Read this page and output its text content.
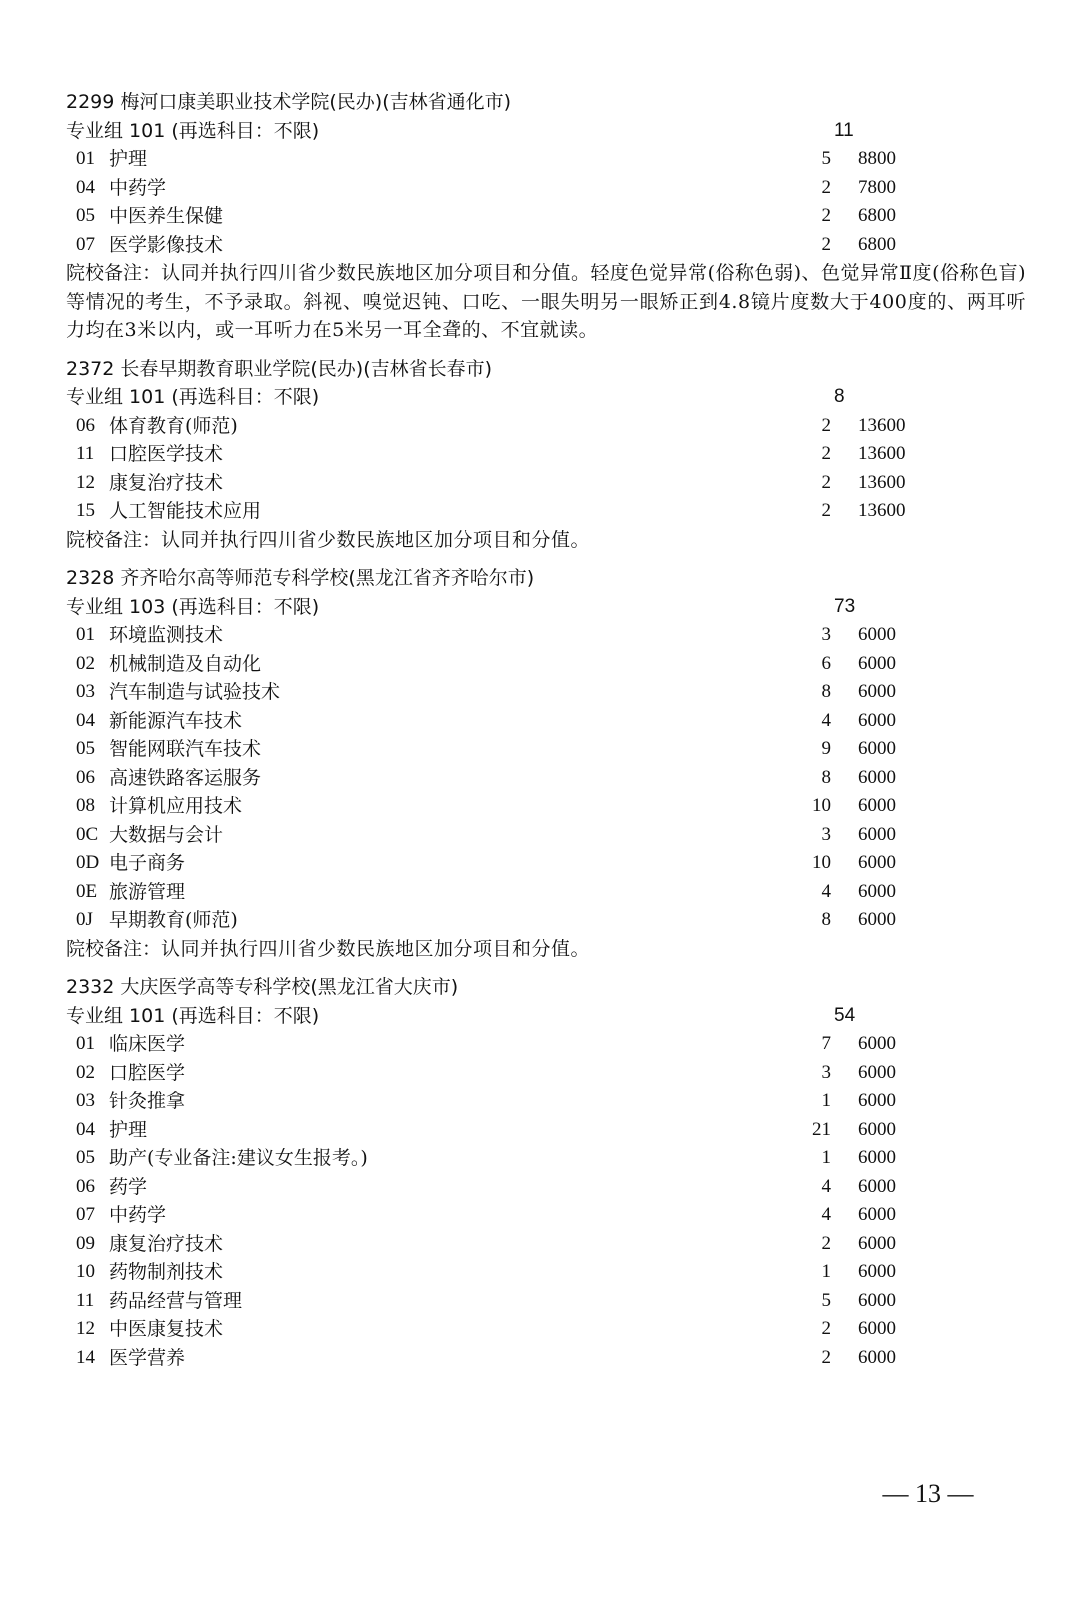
2299 梅河口康美职业技术学院(民办)(吉林省通化市)
专业组 101 (再选科目：不限)	11
01 护理	5 8800
04 中药学	2 7800
05 中医养生保健	2 6800
07 医学影像技术	2 6800
院校备注：认同并执行四川省少数民族地区加分项目和分值。轻度色觉异常(俗称色弱)、色觉异常Ⅱ度(俗称色盲)等情况的考生，不予录取。斜视、嗅觉迟钝、口吃、一眼失明另一眼矫正到4.8镜片度数大于400度的、两耳听力均在3米以内，或一耳听力在5米另一耳全聋的、不宜就读。
2372 长春早期教育职业学院(民办)(吉林省长春市)
专业组 101 (再选科目：不限)	8
06 体育教育(师范)	2 13600
11 口腔医学技术	2 13600
12 康复治疗技术	2 13600
15 人工智能技术应用	2 13600
院校备注：认同并执行四川省少数民族地区加分项目和分值。
2328 齐齐哈尔高等师范专科学校(黑龙江省齐齐哈尔市)
专业组 103 (再选科目：不限)	73
01 环境监测技术	3 6000
02 机械制造及自动化	6 6000
03 汽车制造与试验技术	8 6000
04 新能源汽车技术	4 6000
05 智能网联汽车技术	9 6000
06 高速铁路客运服务	8 6000
08 计算机应用技术	10 6000
0C 大数据与会计	3 6000
0D 电子商务	10 6000
0E 旅游管理	4 6000
0J 早期教育(师范)	8 6000
院校备注：认同并执行四川省少数民族地区加分项目和分值。
2332 大庆医学高等专科学校(黑龙江省大庆市)
专业组 101 (再选科目：不限)	54
01 临床医学	7 6000
02 口腔医学	3 6000
03 针灸推拿	1 6000
04 护理	21 6000
05 助产(专业备注:建议女生报考。)	1 6000
06 药学	4 6000
07 中药学	4 6000
09 康复治疗技术	2 6000
10 药物制剂技术	1 6000
11 药品经营与管理	5 6000
12 中医康复技术	2 6000
14 医学营养	2 6000
— 13 —
